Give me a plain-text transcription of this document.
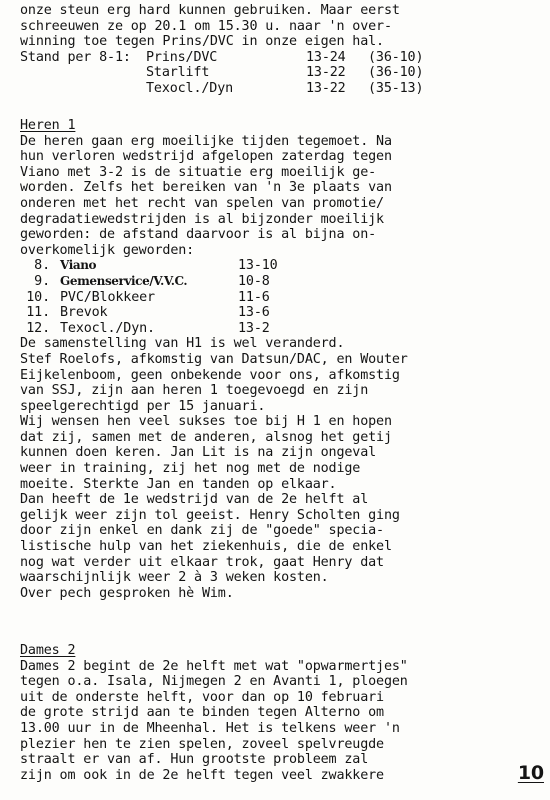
onze steun erg hard kunnen gebruiken. Maar eerst
schreeuwen ze op 20.1 om 15.30 u. naar 'n over-
winning toe tegen Prins/DVC in onze eigen hal.
Stand per 8-1: Prins/DVC	13-24 (36-10)
Starlift	13-22 (36-10)
Texocl./Dyn	13-22 (35-13)
Heren 1
De heren gaan erg moeilijke tijden tegemoet. Na
hun verloren wedstrijd afgelopen zaterdag tegen
Viano met 3-2 is de situatie erg moeilijk ge-
worden. Zelfs het bereiken van 'n 3e plaats van
onderen met het recht van spelen van promotie/
degradatiewedstrijden is al bijzonder moeilijk
geworden: de afstand daarvoor is al bijna on-
overkomelijk geworden:
8. Viano	13-10
9. Gemenservice/V.V.C.	10-8
10. PVC/Blokkeer	11-6
11. Brevok	13-6
12. Texocl./Dyn.	13-2
De samenstelling van H1 is wel veranderd.
Stef Roelofs, afkomstig van Datsun/DAC, en Wouter
Eijkelenboom, geen onbekende voor ons, afkomstig
van SSJ, zijn aan heren 1 toegevoegd en zijn
speelgerechtigd per 15 januari.
Wij wensen hen veel sukses toe bij H 1 en hopen
dat zij, samen met de anderen, alsnog het getij
kunnen doen keren. Jan Lit is na zijn ongeval
weer in training, zij het nog met de nodige
moeite. Sterkte Jan en tanden op elkaar.
Dan heeft de 1e wedstrijd van de 2e helft al
gelijk weer zijn tol geeist. Henry Scholten ging
door zijn enkel en dank zij de "goede" specia-
listische hulp van het ziekenhuis, die de enkel
nog wat verder uit elkaar trok, gaat Henry dat
waarschijnlijk weer 2 à 3 weken kosten.
Over pech gesproken hè Wim.
Dames 2
Dames 2 begint de 2e helft met wat "opwarmertjes"
tegen o.a. Isala, Nijmegen 2 en Avanti 1, ploegen
uit de onderste helft, voor dan op 10 februari
de grote strijd aan te binden tegen Alterno om
13.00 uur in de Mheenhal. Het is telkens weer 'n
plezier hen te zien spelen, zoveel spelvreugde
straalt er van af. Hun grootste probleem zal
zijn om ook in de 2e helft tegen veel zwakkere	10
